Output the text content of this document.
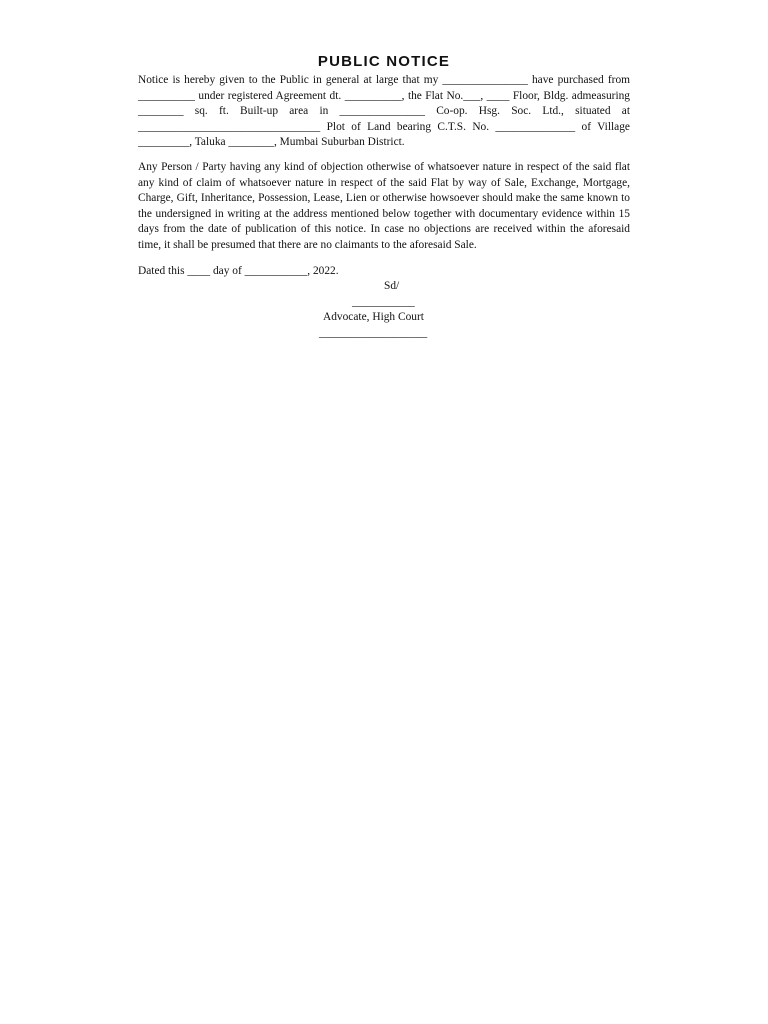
PUBLIC NOTICE

Notice is hereby given to the Public in general at large that my _______________ have purchased from __________ under registered Agreement dt. __________, the Flat No.___, ____ Floor, Bldg. admeasuring ________ sq. ft. Built-up area in _______________ Co-op. Hsg. Soc. Ltd., situated at ________________________________ Plot of Land bearing C.T.S. No. ______________ of Village _________, Taluka ________, Mumbai Suburban District.

Any Person / Party having any kind of objection otherwise of whatsoever nature in respect of the said flat any kind of claim of whatsoever nature in respect of the said Flat by way of Sale, Exchange, Mortgage, Charge, Gift, Inheritance, Possession, Lease, Lien or otherwise howsoever should make the same known to the undersigned in writing at the address mentioned below together with documentary evidence within 15 days from the date of publication of this notice. In case no objections are received within the aforesaid time, it shall be presumed that there are no claimants to the aforesaid Sale.

Dated this ____ day of ___________, 2022.
Sd/
___________
Advocate, High Court
___________________
